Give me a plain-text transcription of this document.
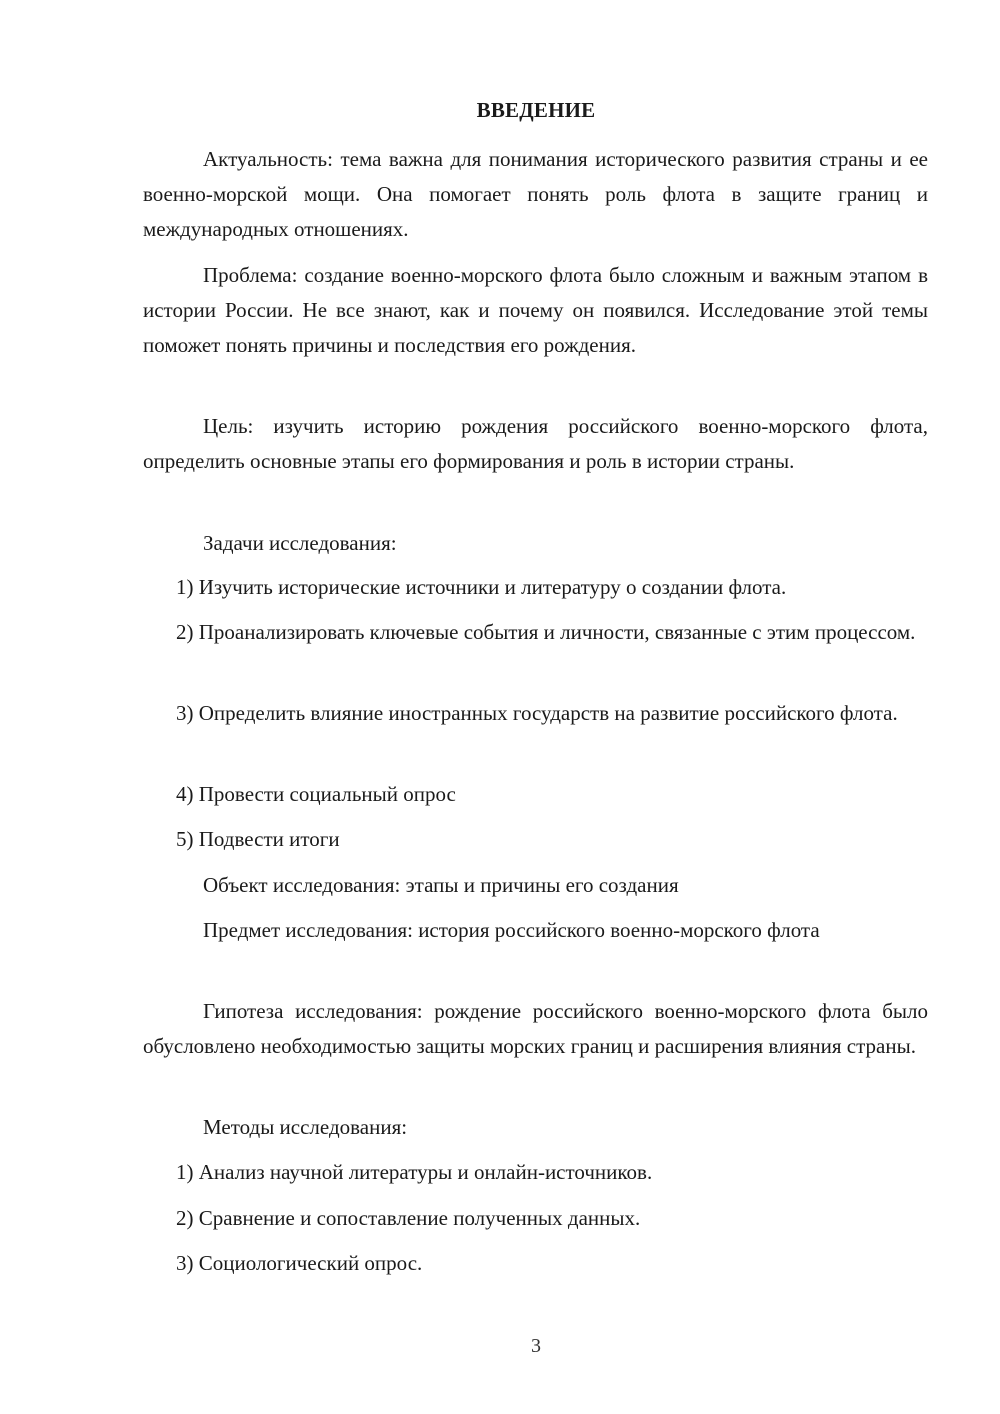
ВВЕДЕНИЕ

Актуальность: тема важна для понимания исторического развития страны и ее военно-морской мощи. Она помогает понять роль флота в защите границ и международных отношениях.

Проблема: создание военно-морского флота было сложным и важным этапом в истории России. Не все знают, как и почему он появился. Исследование этой темы поможет понять причины и последствия его рождения.

Цель: изучить историю рождения российского военно-морского флота, определить основные этапы его формирования и роль в истории страны.

Задачи исследования:

1) Изучить исторические источники и литературу о создании флота.

2) Проанализировать ключевые события и личности, связанные с этим процессом.

3) Определить влияние иностранных государств на развитие российского флота.

4) Провести социальный опрос

5) Подвести итоги

Объект исследования: этапы и причины его создания

Предмет исследования: история российского военно-морского флота

Гипотеза исследования: рождение российского военно-морского флота было обусловлено необходимостью защиты морских границ и расширения влияния страны.

Методы исследования:

1) Анализ научной литературы и онлайн-источников.

2) Сравнение и сопоставление полученных данных.

3) Социологический опрос.

3
